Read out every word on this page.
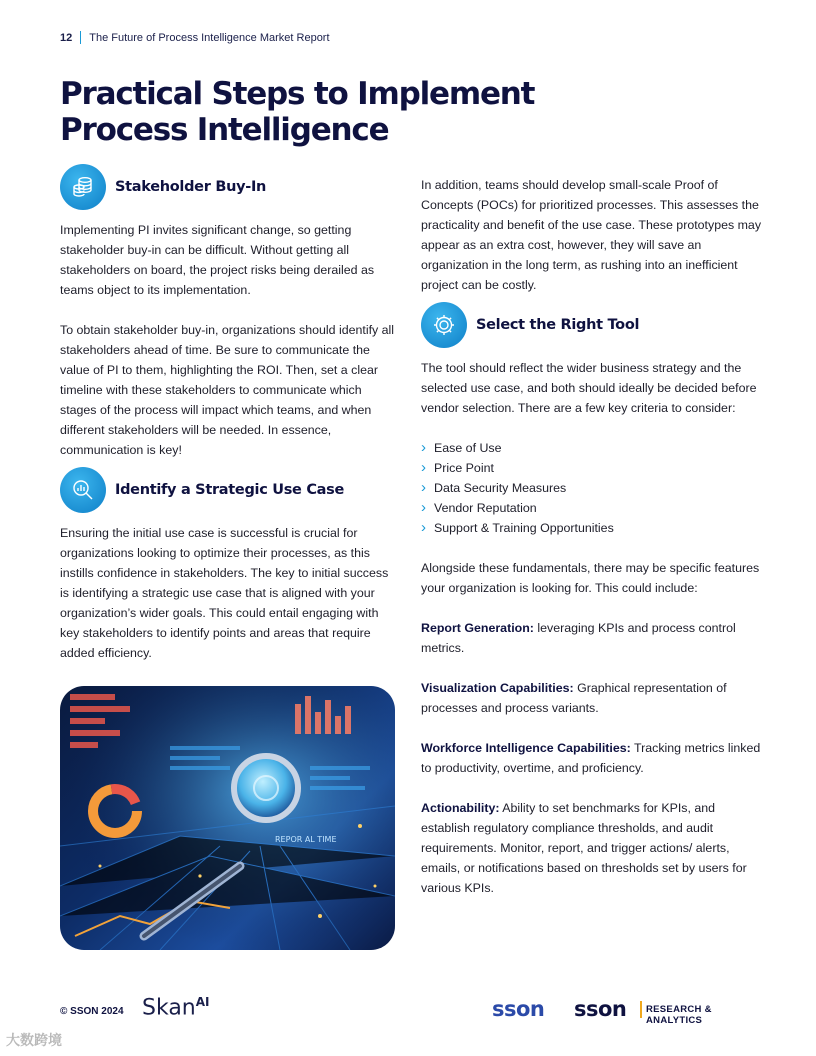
12 The Future of Process Intelligence Market Report
Practical Steps to Implement
Process Intelligence
Stakeholder Buy-In

Implementing PI invites significant change, so getting stakeholder buy-in can be difficult. Without getting all stakeholders on board, the project risks being derailed as teams object to its implementation.

To obtain stakeholder buy-in, organizations should identify all stakeholders ahead of time. Be sure to communicate the value of PI to them, highlighting the ROI. Then, set a clear timeline with these stakeholders to communicate which stages of the process will impact which teams, and when different stakeholders will be needed. In essence, communication is key!

Identify a Strategic Use Case

Ensuring the initial use case is successful is crucial for organizations looking to optimize their processes, as this instills confidence in stakeholders. The key to initial success is identifying a strategic use case that is aligned with your organization’s wider goals. This could entail engaging with key stakeholders to identify points and areas that require added efficiency.

REPOR AL TIME

In addition, teams should develop small-scale Proof of Concepts (POCs) for prioritized processes. This assesses the practicality and benefit of the use case. These prototypes may appear as an extra cost, however, they will save an organization in the long term, as rushing into an inefficient project can be costly.

Select the Right Tool

The tool should reflect the wider business strategy and the selected use case, and both should ideally be decided before vendor selection. There are a few key criteria to consider:

› Ease of Use
› Price Point
› Data Security Measures
› Vendor Reputation
› Support & Training Opportunities

Alongside these fundamentals, there may be specific features your organization is looking for. This could include:

Report Generation: leveraging KPIs and process control metrics.

Visualization Capabilities: Graphical representation of processes and process variants.

Workforce Intelligence Capabilities: Tracking metrics linked to productivity, overtime, and proficiency.

Actionability: Ability to set benchmarks for KPIs, and establish regulatory compliance thresholds, and audit requirements. Monitor, report, and trigger actions/ alerts, emails, or notifications based on thresholds set by users for various KPIs.

© SSON 2024 Skan$^{AI}$	sson sson RESEARCH & ANALYTICS
大数跨境
